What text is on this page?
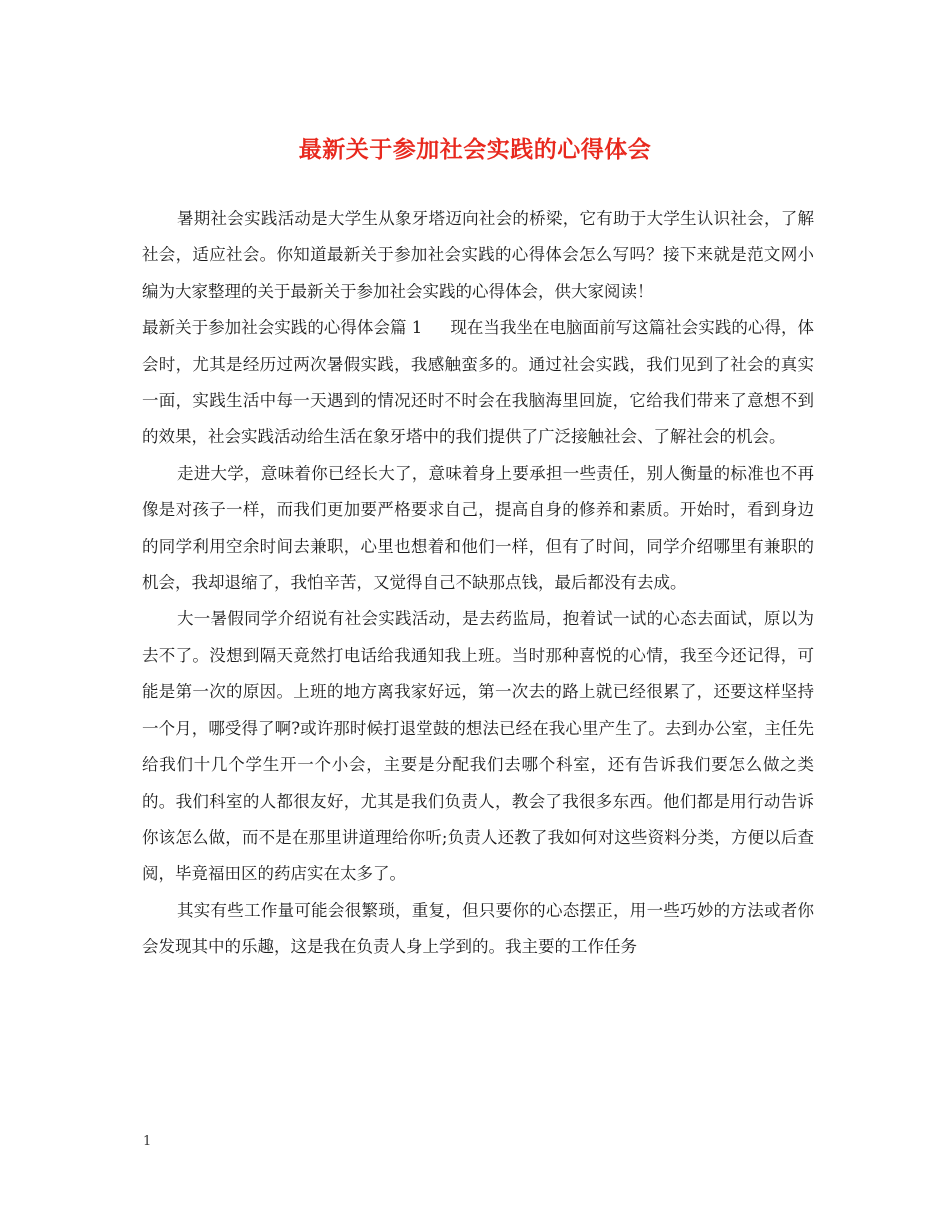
最新关于参加社会实践的心得体会

暑期社会实践活动是大学生从象牙塔迈向社会的桥梁，它有助于大学生认识社会，了解社会，适应社会。你知道最新关于参加社会实践的心得体会怎么写吗？接下来就是范文网小编为大家整理的关于最新关于参加社会实践的心得体会，供大家阅读！

最新关于参加社会实践的心得体会篇 1 现在当我坐在电脑面前写这篇社会实践的心得，体会时，尤其是经历过两次暑假实践，我感触蛮多的。通过社会实践，我们见到了社会的真实一面，实践生活中每一天遇到的情况还时不时会在我脑海里回旋，它给我们带来了意想不到的效果，社会实践活动给生活在象牙塔中的我们提供了广泛接触社会、了解社会的机会。

走进大学，意味着你已经长大了，意味着身上要承担一些责任，别人衡量的标准也不再像是对孩子一样，而我们更加要严格要求自己，提高自身的修养和素质。开始时，看到身边的同学利用空余时间去兼职，心里也想着和他们一样，但有了时间，同学介绍哪里有兼职的机会，我却退缩了，我怕辛苦，又觉得自己不缺那点钱，最后都没有去成。

大一暑假同学介绍说有社会实践活动，是去药监局，抱着试一试的心态去面试，原以为去不了。没想到隔天竟然打电话给我通知我上班。当时那种喜悦的心情，我至今还记得，可能是第一次的原因。上班的地方离我家好远，第一次去的路上就已经很累了，还要这样坚持一个月，哪受得了啊?或许那时候打退堂鼓的想法已经在我心里产生了。去到办公室，主任先给我们十几个学生开一个小会，主要是分配我们去哪个科室，还有告诉我们要怎么做之类的。我们科室的人都很友好，尤其是我们负责人，教会了我很多东西。他们都是用行动告诉你该怎么做，而不是在那里讲道理给你听;负责人还教了我如何对这些资料分类，方便以后查阅，毕竟福田区的药店实在太多了。

其实有些工作量可能会很繁琐，重复，但只要你的心态摆正，用一些巧妙的方法或者你会发现其中的乐趣，这是我在负责人身上学到的。我主要的工作任务

1
